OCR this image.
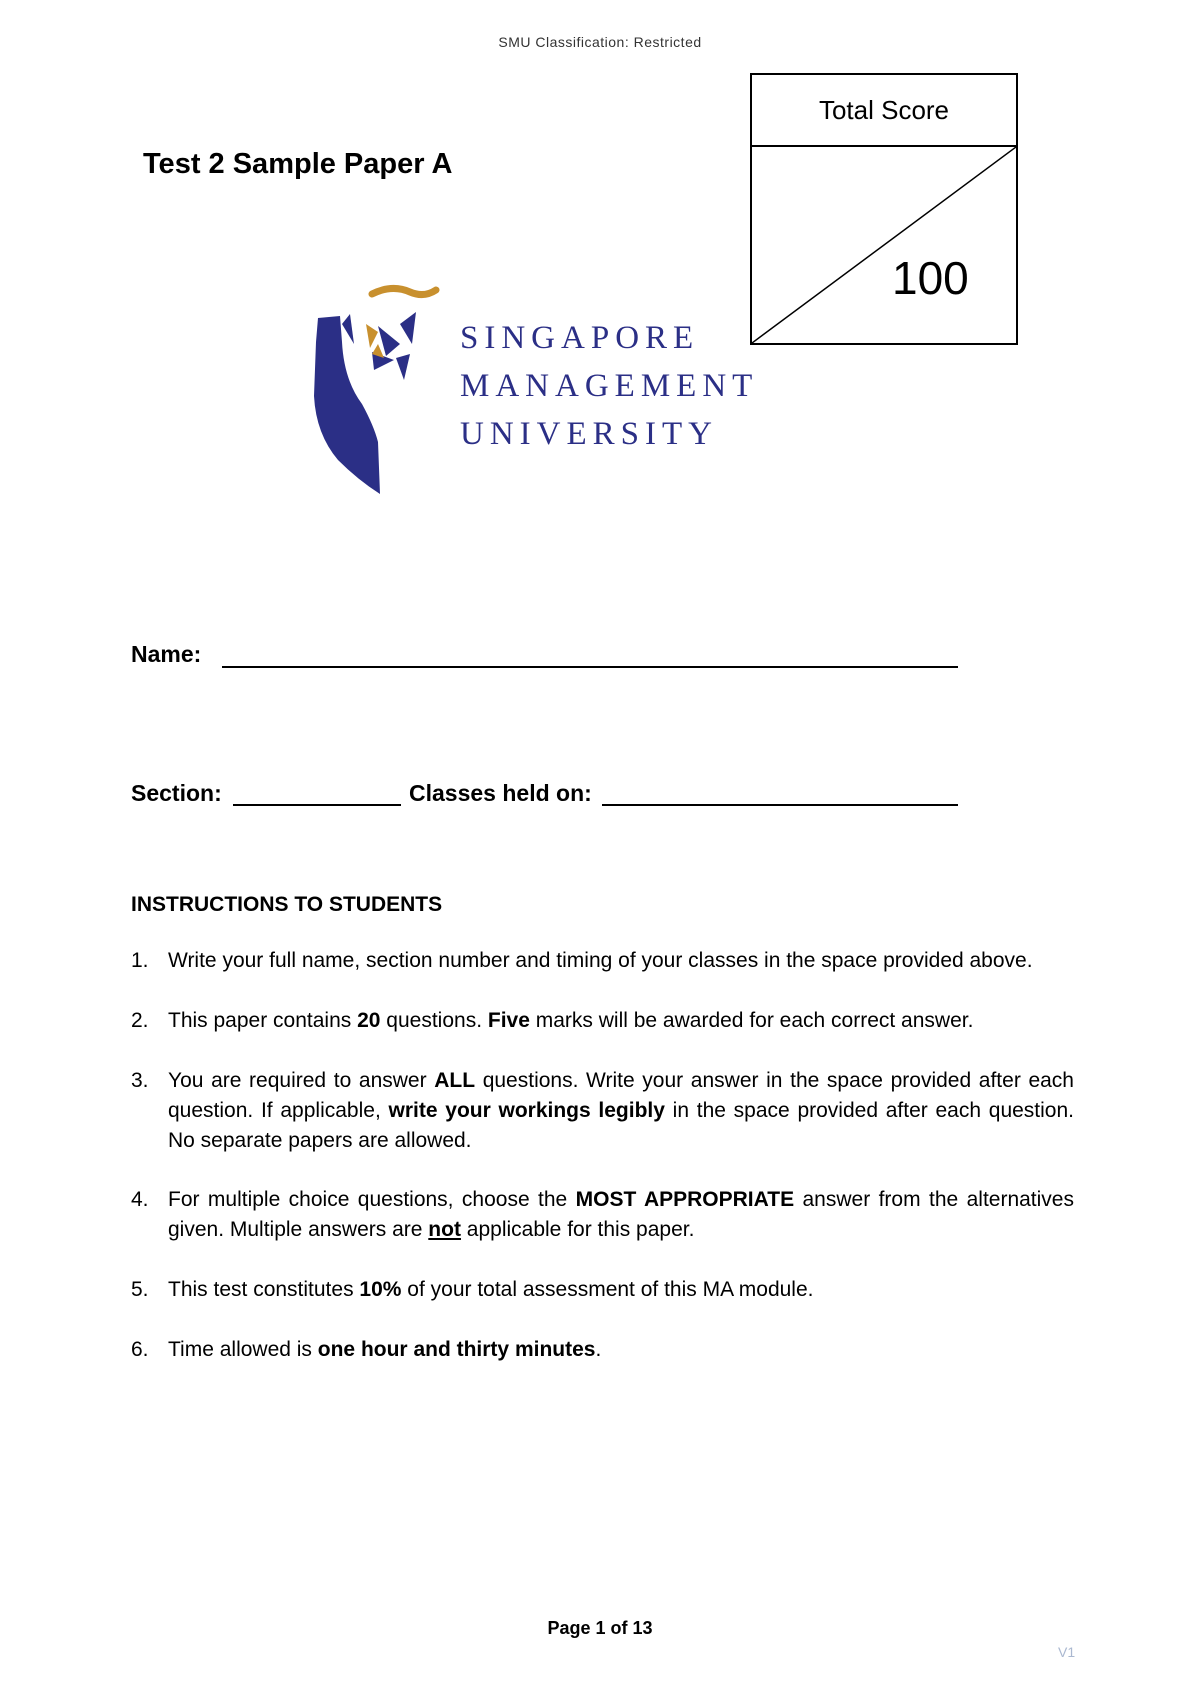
SMU Classification: Restricted
Test 2 Sample Paper A
Total Score
100
SINGAPORE
MANAGEMENT
UNIVERSITY
Name:
Section:	Classes held on:
INSTRUCTIONS TO STUDENTS
1. Write your full name, section number and timing of your classes in the space provided above.
2. This paper contains 20 questions. Five marks will be awarded for each correct answer.
3. You are required to answer ALL questions. Write your answer in the space provided after each question. If applicable, write your workings legibly in the space provided after each question. No separate papers are allowed.
4. For multiple choice questions, choose the MOST APPROPRIATE answer from the alternatives given. Multiple answers are not applicable for this paper.
5. This test constitutes 10% of your total assessment of this MA module.
6. Time allowed is one hour and thirty minutes.
Page 1 of 13
V1
